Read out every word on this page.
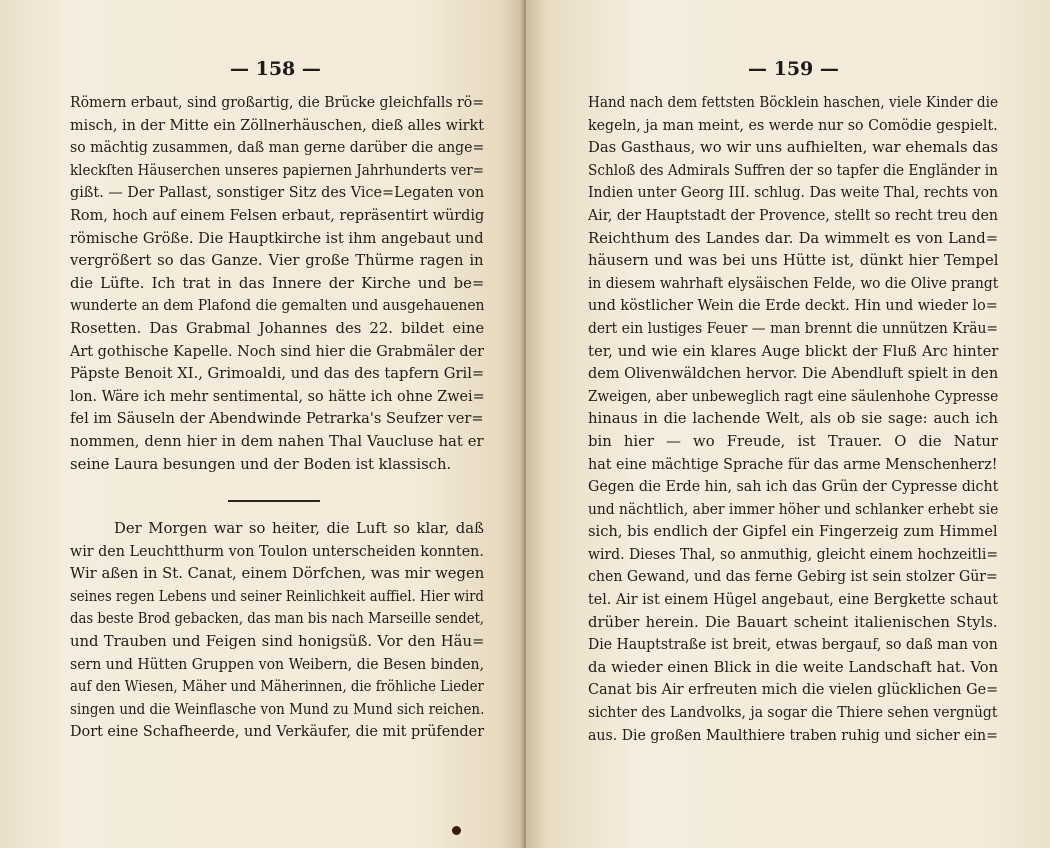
— 158 —
Römern erbaut, sind großartig, die Brücke gleichfalls rö=
misch, in der Mitte ein Zöllnerhäuschen, dieß alles wirkt
so mächtig zusammen, daß man gerne darüber die ange=
kleckſten Häuserchen unseres papiernen Jahrhunderts ver=
gißt. — Der Pallast, sonstiger Sitz des Vice=Legaten von
Rom, hoch auf einem Felsen erbaut, repräsentirt würdig
römische Größe. Die Hauptkirche ist ihm angebaut und
vergrößert so das Ganze. Vier große Thürme ragen in
die Lüfte. Ich trat in das Innere der Kirche und be=
wunderte an dem Plafond die gemalten und ausgehauenen
Rosetten. Das Grabmal Johannes des 22. bildet eine
Art gothische Kapelle. Noch sind hier die Grabmäler der
Päpste Benoit XI., Grimoaldi, und das des tapfern Gril=
lon. Wäre ich mehr sentimental, so hätte ich ohne Zwei=
fel im Säuseln der Abendwinde Petrarka's Seufzer ver=
nommen, denn hier in dem nahen Thal Vaucluse hat er
seine Laura besungen und der Boden ist klassisch.
Der Morgen war so heiter, die Luft so klar, daß
wir den Leuchtthurm von Toulon unterscheiden konnten.
Wir aßen in St. Canat, einem Dörfchen, was mir wegen
seines regen Lebens und seiner Reinlichkeit auffiel. Hier wird
das beste Brod gebacken, das man bis nach Marseille sendet,
und Trauben und Feigen sind honigsüß. Vor den Häu=
sern und Hütten Gruppen von Weibern, die Besen binden,
auf den Wiesen, Mäher und Mäherinnen, die fröhliche Lieder
singen und die Weinflasche von Mund zu Mund sich reichen.
Dort eine Schafheerde, und Verkäufer, die mit prüfender
— 159 —
Hand nach dem fettsten Böcklein haschen, viele Kinder die
kegeln, ja man meint, es werde nur so Comödie gespielt.
Das Gasthaus, wo wir uns aufhielten, war ehemals das
Schloß des Admirals Suffren der so tapfer die Engländer in
Indien unter Georg III. schlug. Das weite Thal, rechts von
Air, der Hauptstadt der Provence, stellt so recht treu den
Reichthum des Landes dar. Da wimmelt es von Land=
häusern und was bei uns Hütte ist, dünkt hier Tempel
in diesem wahrhaft elysäischen Felde, wo die Olive prangt
und köstlicher Wein die Erde deckt. Hin und wieder lo=
dert ein lustiges Feuer — man brennt die unnützen Kräu=
ter, und wie ein klares Auge blickt der Fluß Arc hinter
dem Olivenwäldchen hervor. Die Abendluft spielt in den
Zweigen, aber unbeweglich ragt eine säulenhohe Cypresse
hinaus in die lachende Welt, als ob sie sage: auch ich
bin hier — wo Freude, ist Trauer. O die Natur
hat eine mächtige Sprache für das arme Menschenherz!
Gegen die Erde hin, sah ich das Grün der Cypresse dicht
und nächtlich, aber immer höher und schlanker erhebt sie
sich, bis endlich der Gipfel ein Fingerzeig zum Himmel
wird. Dieses Thal, so anmuthig, gleicht einem hochzeitli=
chen Gewand, und das ferne Gebirg ist sein stolzer Gür=
tel. Air ist einem Hügel angebaut, eine Bergkette schaut
drüber herein. Die Bauart scheint italienischen Styls.
Die Hauptstraße ist breit, etwas bergauf, so daß man von
da wieder einen Blick in die weite Landschaft hat. Von
Canat bis Air erfreuten mich die vielen glücklichen Ge=
sichter des Landvolks, ja sogar die Thiere sehen vergnügt
aus. Die großen Maulthiere traben ruhig und sicher ein=
